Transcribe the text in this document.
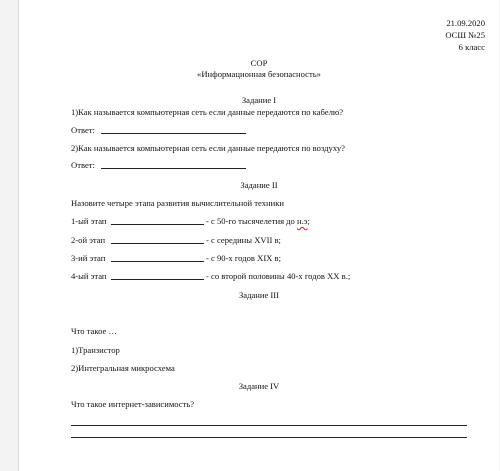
21.09.2020
ОСШ №25
6 класс
СОР
«Информационная безопасность»
Задание I
1)Как называется компьютерная сеть если данные передаются по кабелю?
Ответ:
2)Как называется компьютерная сеть если данные передаются по воздуху?
Ответ:
Задание II
Назовите четыре этапа развития вычислительной техники
1-ый этап	- с 50-го тысячелетия до н.э;
2-ой этап	- с середины XVII в;
3-ий этап	- с 90-х годов XIX в;
4-ый этап	- со второй половины 40-х годов XX в.;
Задание III
Что такое …
1)Транзистор
2)Интегральная микросхема
Задание IV
Что такое интернет-зависимость?
